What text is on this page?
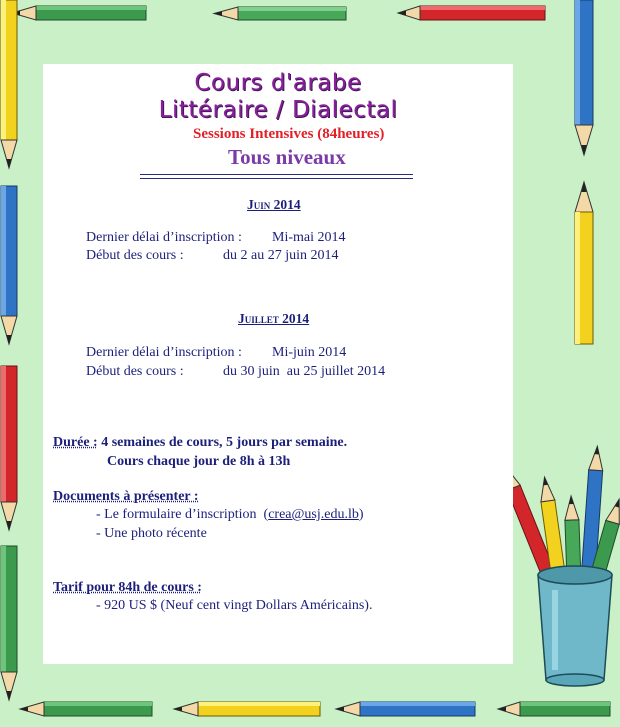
Cours d'arabe
Littéraire / Dialectal
Sessions Intensives (84heures)
Tous niveaux
Juin 2014
Dernier délai d’inscription : Mi-mai 2014
Début des cours :	du 2 au 27 juin 2014
Juillet 2014
Dernier délai d’inscription : Mi-juin 2014
Début des cours :	du 30 juin  au 25 juillet 2014
Durée : 4 semaines de cours, 5 jours par semaine.
Cours chaque jour de 8h à 13h
Documents à présenter :
- Le formulaire d’inscription  (crea@usj.edu.lb)
- Une photo récente
Tarif pour 84h de cours :
- 920 US $ (Neuf cent vingt Dollars Américains).
